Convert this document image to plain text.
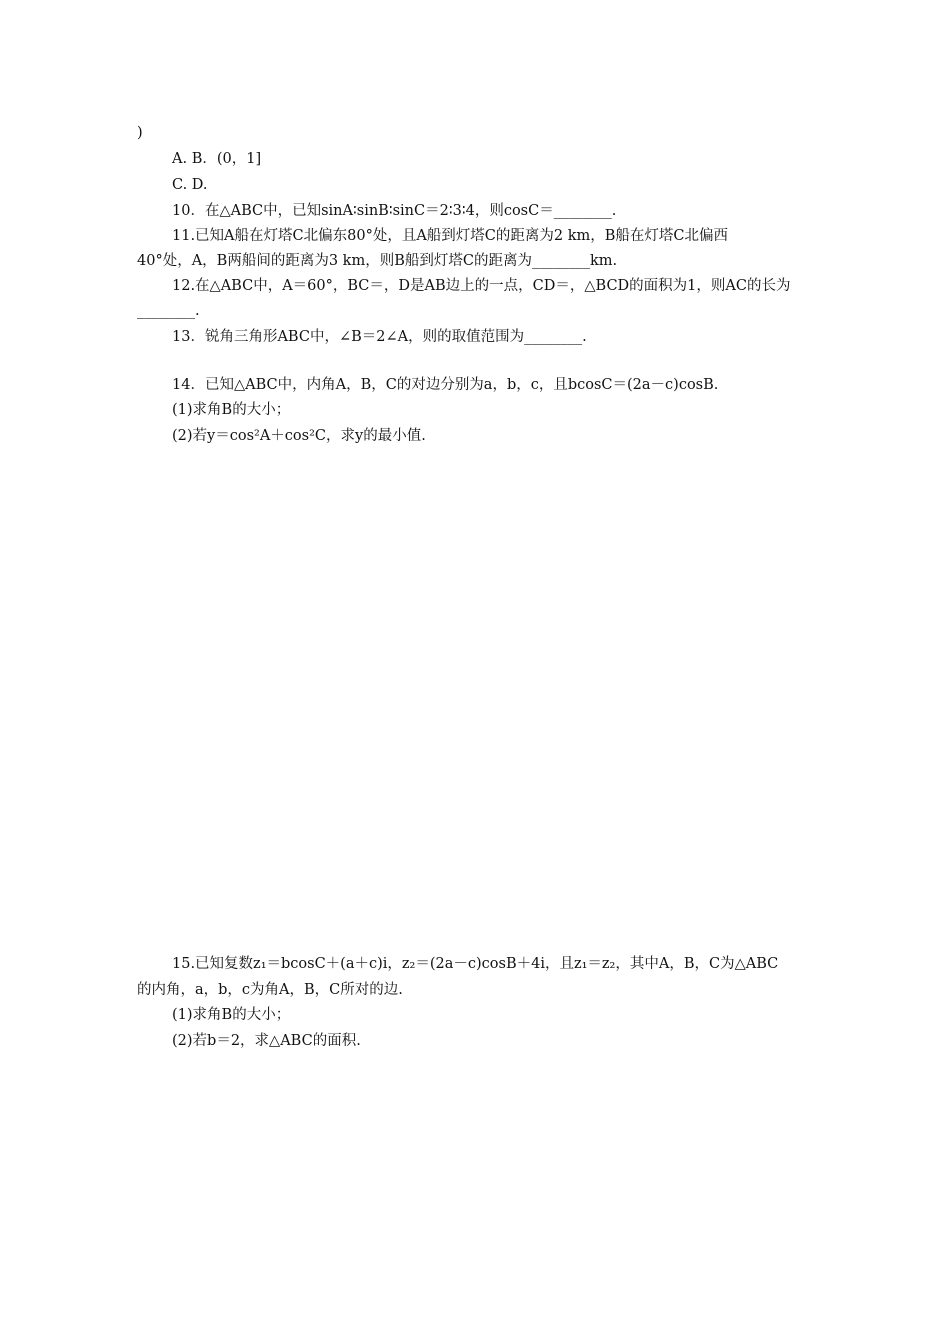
)
A. B．(0，1]
C. D.
10．在△ABC中，已知sinA∶sinB∶sinC＝2∶3∶4，则cosC＝________.
11.已知A船在灯塔C北偏东80°处，且A船到灯塔C的距离为2 km，B船在灯塔C北偏西
40°处，A，B两船间的距离为3 km，则B船到灯塔C的距离为________km.
12.在△ABC中，A＝60°，BC＝，D是AB边上的一点，CD＝，△BCD的面积为1，则AC的长为
________.
13．锐角三角形ABC中，∠B＝2∠A，则的取值范围为________.
14．已知△ABC中，内角A，B，C的对边分别为a，b，c，且bcosC＝(2a－c)cosB.
(1)求角B的大小；
(2)若y＝cos²A＋cos²C，求y的最小值.
15.已知复数z₁＝bcosC＋(a＋c)i，z₂＝(2a－c)cosB＋4i，且z₁＝z₂，其中A，B，C为△ABC
的内角，a，b，c为角A，B，C所对的边.
(1)求角B的大小；
(2)若b＝2，求△ABC的面积.
